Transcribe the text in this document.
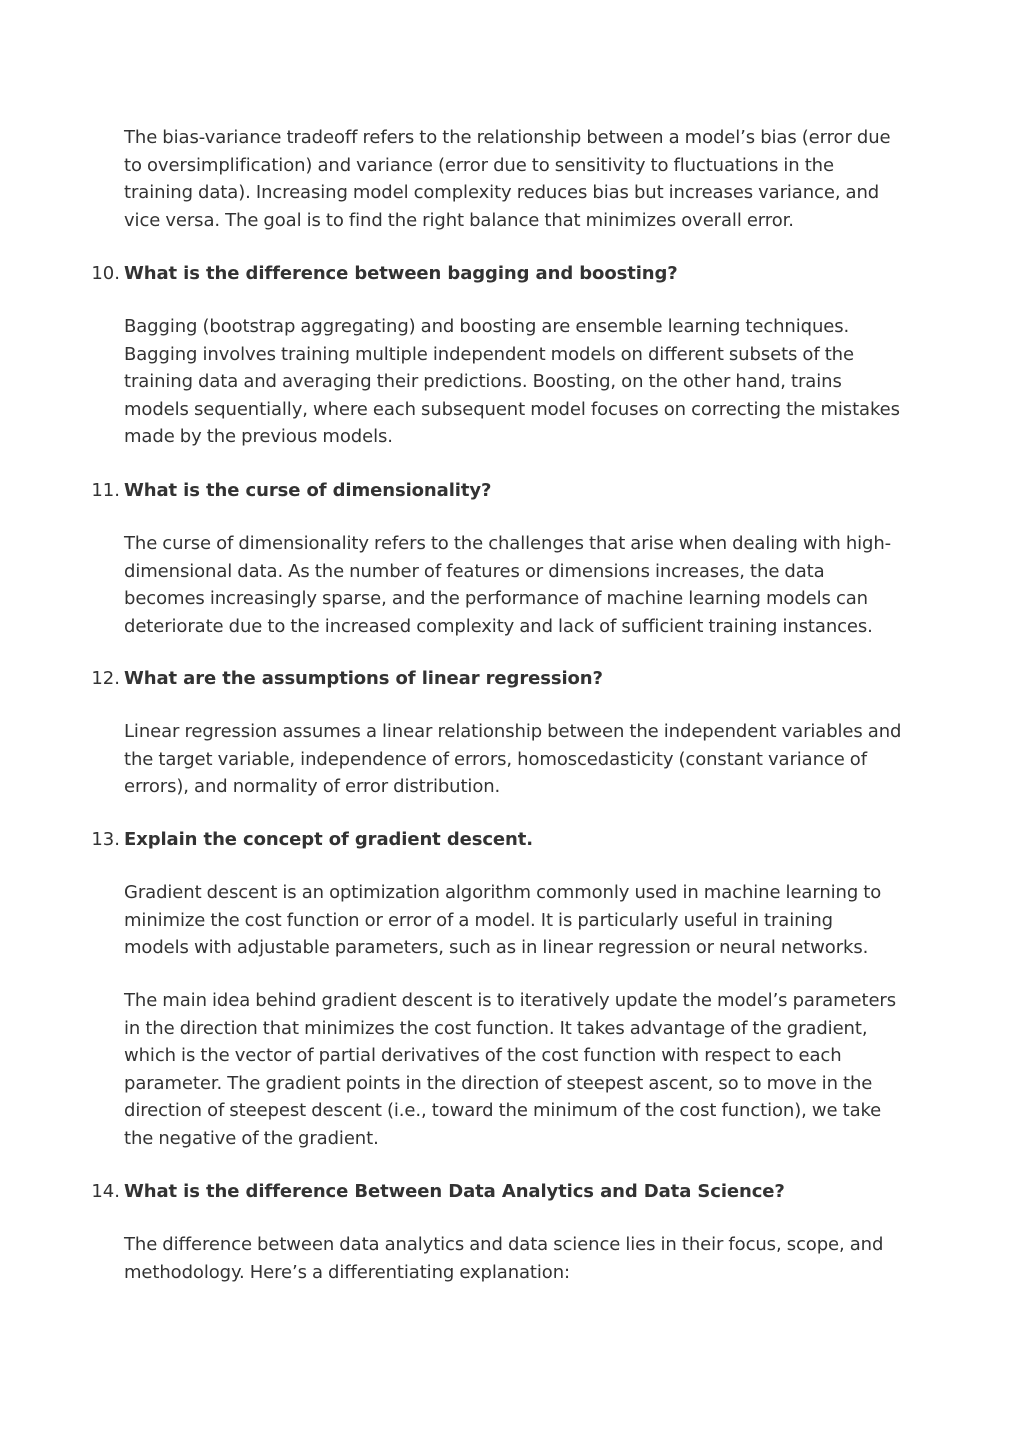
The bias-variance tradeoff refers to the relationship between a model’s bias (error due to oversimplification) and variance (error due to sensitivity to fluctuations in the training data). Increasing model complexity reduces bias but increases variance, and vice versa. The goal is to find the right balance that minimizes overall error.

10. What is the difference between bagging and boosting?

Bagging (bootstrap aggregating) and boosting are ensemble learning techniques. Bagging involves training multiple independent models on different subsets of the training data and averaging their predictions. Boosting, on the other hand, trains models sequentially, where each subsequent model focuses on correcting the mistakes made by the previous models.

11. What is the curse of dimensionality?

The curse of dimensionality refers to the challenges that arise when dealing with high-dimensional data. As the number of features or dimensions increases, the data becomes increasingly sparse, and the performance of machine learning models can deteriorate due to the increased complexity and lack of sufficient training instances.

12. What are the assumptions of linear regression?

Linear regression assumes a linear relationship between the independent variables and the target variable, independence of errors, homoscedasticity (constant variance of errors), and normality of error distribution.

13. Explain the concept of gradient descent.

Gradient descent is an optimization algorithm commonly used in machine learning to minimize the cost function or error of a model. It is particularly useful in training models with adjustable parameters, such as in linear regression or neural networks.

The main idea behind gradient descent is to iteratively update the model’s parameters in the direction that minimizes the cost function. It takes advantage of the gradient, which is the vector of partial derivatives of the cost function with respect to each parameter. The gradient points in the direction of steepest ascent, so to move in the direction of steepest descent (i.e., toward the minimum of the cost function), we take the negative of the gradient.

14. What is the difference Between Data Analytics and Data Science?

The difference between data analytics and data science lies in their focus, scope, and methodology. Here’s a differentiating explanation:
